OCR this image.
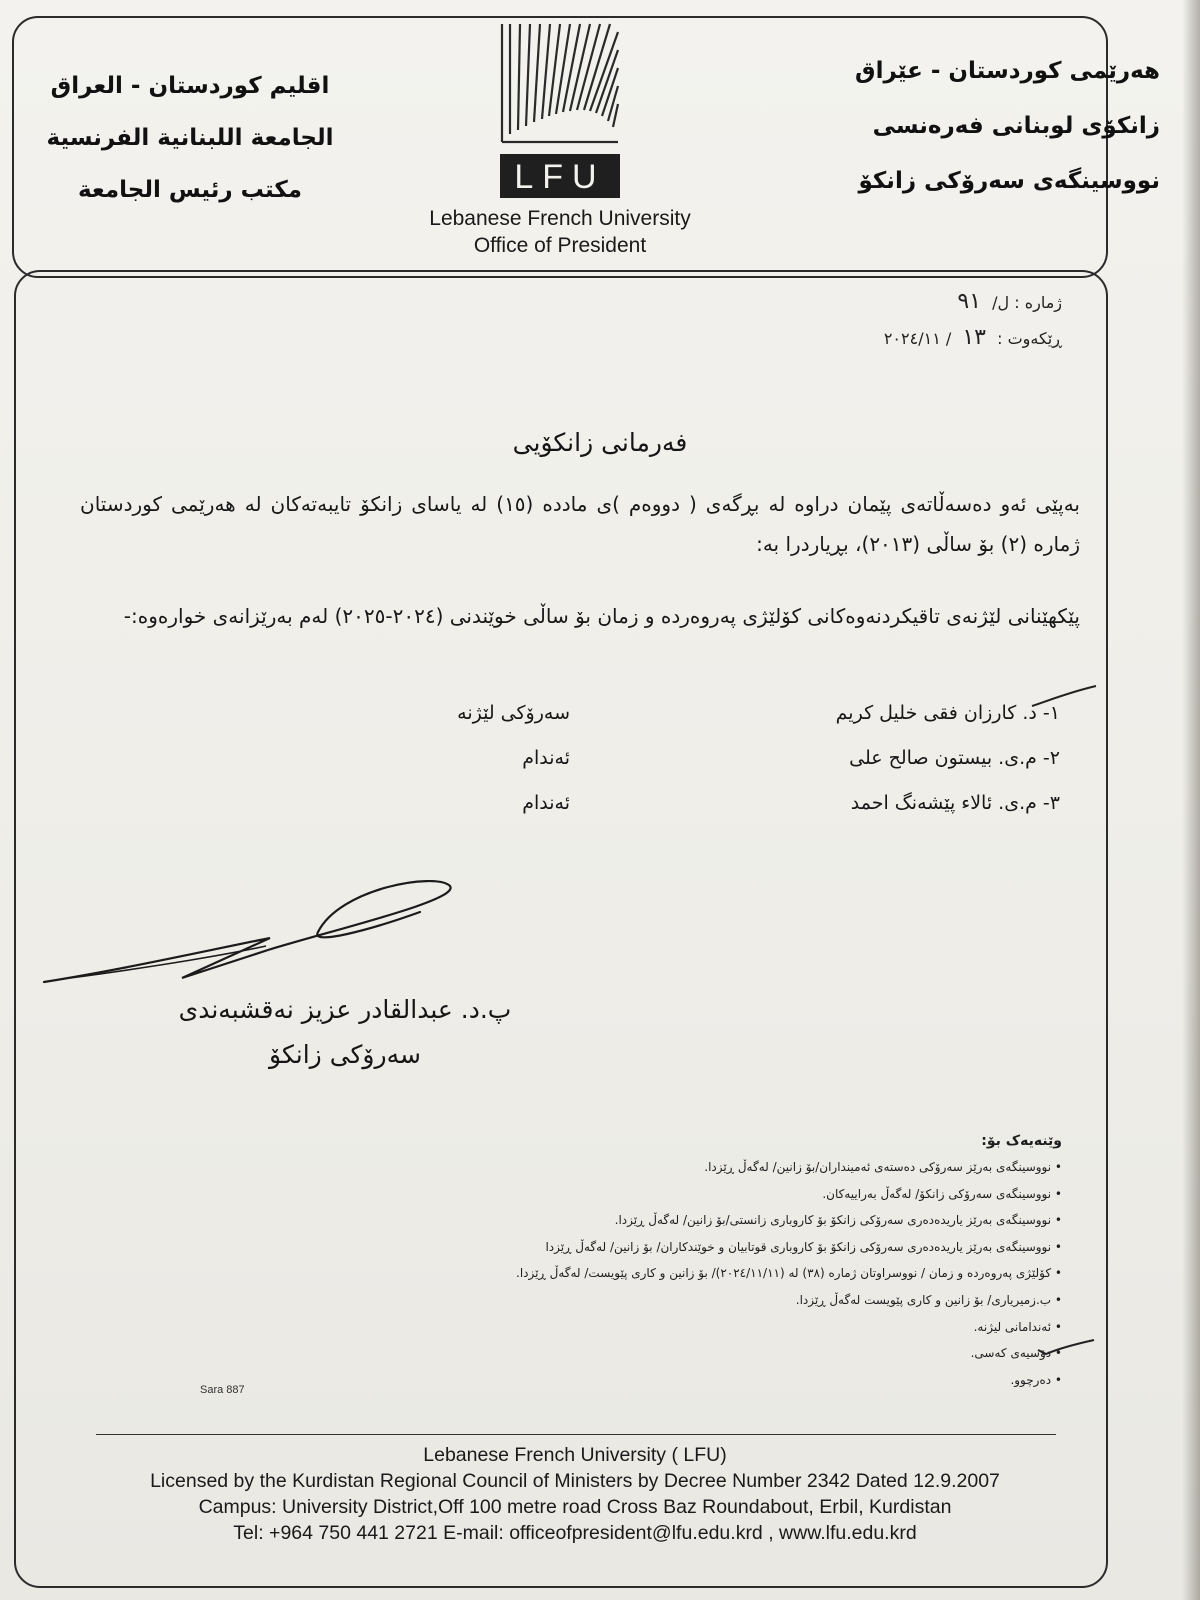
اقليم كوردستان - العراق
الجامعة اللبنانية الفرنسية
مكتب رئيس الجامعة
هەرێمی کوردستان - عێراق
زانکۆی لوبنانی فەرەنسی
نووسینگەی سەرۆکی زانکۆ
LFU
Lebanese French University
Office of President
ژمارە : ل/ ٩١
ڕێکەوت : ١٣ / ٢٠٢٤/١١
فەرمانی زانکۆیی
بەپێی ئەو دەسەڵاتەی پێمان دراوە لە بڕگەی ( دووەم )ی ماددە (١٥) لە یاسای زانکۆ تایبەتەکان لە هەرێمی کوردستان ژمارە (٢) بۆ ساڵی (٢٠١٣)، بڕیاردرا بە:
پێکهێنانی لێژنەی تاقیکردنەوەکانی کۆلێژی پەروەردە و زمان بۆ ساڵی خوێندنی (٢٠٢٤-٢٠٢٥) لەم بەرێزانەی خوارەوە:-
١- د. کارزان فقی خلیل کریم
سەرۆکی لێژنە
٢- م.ی. بیستون صالح علی
ئەندام
٣- م.ی. ئالاء پێشەنگ احمد
ئەندام
پ.د. عبدالقادر عزیز نەقشبەندی
سەرۆکی زانکۆ
وێنەیەک بۆ:
• نووسینگەی بەرێز سەرۆکی دەستەی ئەمینداران/بۆ زانین/ لەگەڵ ڕێزدا.
• نووسینگەی سەرۆکی زانکۆ/ لەگەڵ بەراییەکان.
• نووسینگەی بەرێز یاریدەدەری سەرۆکی زانکۆ بۆ کاروباری زانستی/بۆ زانین/ لەگەڵ ڕێزدا.
• نووسینگەی بەرێز یاریدەدەری سەرۆکی زانکۆ بۆ کاروباری قوتابیان و خوێندکاران/ بۆ زانین/ لەگەڵ ڕێزدا
• کۆلێژی پەروەردە و زمان / نووسراوتان ژمارە (٣٨) لە (٢٠٢٤/١١/١١)/ بۆ زانین و کاری پێویست/ لەگەڵ ڕێزدا.
• ب.زمیریاری/ بۆ زانین و کاری پێویست لەگەڵ ڕێزدا.
• ئەندامانی لیژنە.
• دۆسیەی کەسی.
• دەرچوو.
Sara 887
Lebanese French University ( LFU)
Licensed by the Kurdistan Regional Council of Ministers by Decree Number 2342 Dated 12.9.2007
Campus: University District,Off 100 metre road Cross Baz Roundabout, Erbil, Kurdistan
Tel: +964 750 441 2721 E-mail: officeofpresident@lfu.edu.krd , www.lfu.edu.krd
